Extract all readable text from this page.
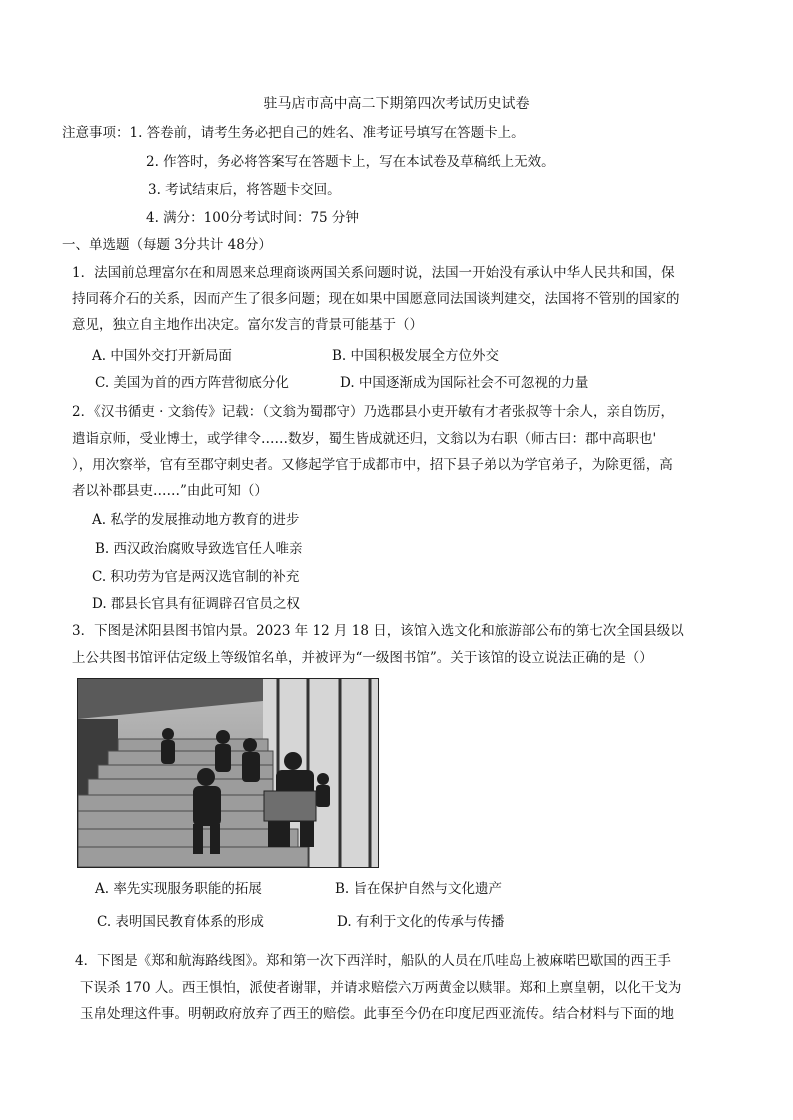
驻马店市高中高二下期第四次考试历史试卷
注意事项：1. 答卷前，请考生务必把自己的姓名、准考证号填写在答题卡上。
2. 作答时，务必将答案写在答题卡上，写在本试卷及草稿纸上无效。
3. 考试结束后，将答题卡交回。
4. 满分：100分考试时间：75 分钟
一、单选题（每题 3分共计 48分）
1．法国前总理富尔在和周恩来总理商谈两国关系问题时说，法国一开始没有承认中华人民共和国，保
持同蒋介石的关系，因而产生了很多问题；现在如果中国愿意同法国谈判建交，法国将不管别的国家的
意见，独立自主地作出决定。富尔发言的背景可能基于（）
A. 中国外交打开新局面	B. 中国积极发展全方位外交
C. 美国为首的西方阵营彻底分化	D. 中国逐渐成为国际社会不可忽视的力量
2．《汉书循吏 · 文翁传》记载：（文翁为蜀郡守）乃选郡县小吏开敏有才者张叔等十余人，亲自饬厉，
遣诣京师，受业博士，或学律令……数岁，蜀生皆成就还归，文翁以为右职（师古曰：郡中高职也'
），用次察举，官有至郡守刺史者。又修起学官于成都市中，招下县子弟以为学官弟子，为除更徭，高
者以补郡县吏……”由此可知（）
A. 私学的发展推动地方教育的进步
B. 西汉政治腐败导致选官任人唯亲
C. 积功劳为官是两汉选官制的补充
D. 郡县长官具有征调辟召官员之权
3．下图是沭阳县图书馆内景。2023 年 12 月 18 日，该馆入选文化和旅游部公布的第七次全国县级以
上公共图书馆评估定级上等级馆名单，并被评为“一级图书馆”。关于该馆的设立说法正确的是（）
A. 率先实现服务职能的拓展	B. 旨在保护自然与文化遗产
C. 表明国民教育体系的形成	D. 有利于文化的传承与传播
4．下图是《郑和航海路线图》。郑和第一次下西洋时，船队的人员在爪哇岛上被麻喏巴歇国的西王手
下误杀 170 人。西王惧怕，派使者谢罪，并请求赔偿六万两黄金以赎罪。郑和上禀皇朝，以化干戈为
玉帛处理这件事。明朝政府放弃了西王的赔偿。此事至今仍在印度尼西亚流传。结合材料与下面的地
